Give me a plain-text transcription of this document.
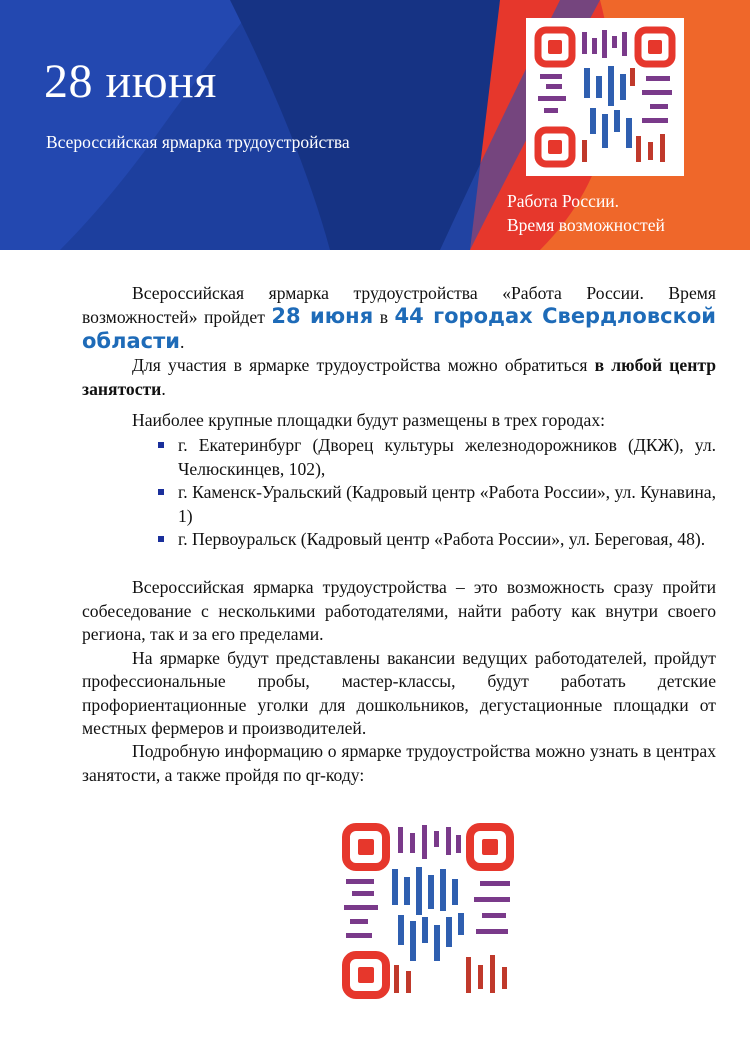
28 июня
Всероссийская ярмарка трудоустройства
Работа России.
Время возможностей

Всероссийская ярмарка трудоустройства «Работа России. Время возможностей» пройдет 28 июня в 44 городах Свердловской области.

Для участия в ярмарке трудоустройства можно обратиться в любой центр занятости.

Наиболее крупные площадки будут размещены в трех городах:

г. Екатеринбург (Дворец культуры железнодорожников (ДКЖ), ул. Челюскинцев, 102),
г. Каменск-Уральский (Кадровый центр «Работа России», ул. Кунавина, 1)
г. Первоуральск (Кадровый центр «Работа России», ул. Береговая, 48).

Всероссийская ярмарка трудоустройства – это возможность сразу пройти собеседование с несколькими работодателями, найти работу как внутри своего региона, так и за его пределами.

На ярмарке будут представлены вакансии ведущих работодателей, пройдут профессиональные пробы, мастер-классы, будут работать детские профориентационные уголки для дошкольников, дегустационные площадки от местных фермеров и производителей.

Подробную информацию о ярмарке трудоустройства можно узнать в центрах занятости, а также пройдя по qr-коду:
